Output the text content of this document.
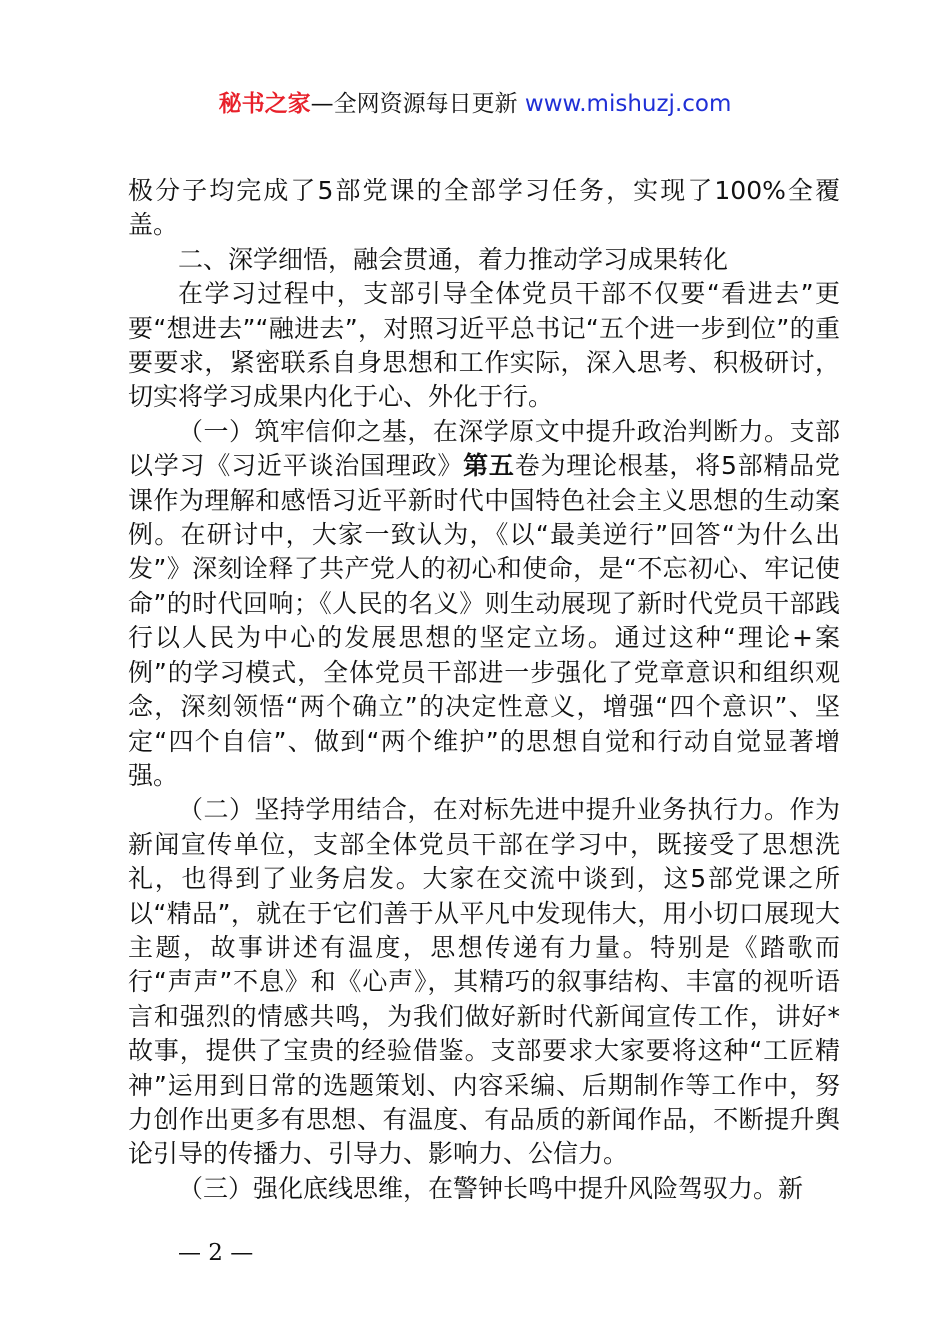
秘书之家—全网资源每日更新 www.mishuzj.com

极分子均完成了5部党课的全部学习任务，实现了100%全覆盖。

二、深学细悟，融会贯通，着力推动学习成果转化

在学习过程中，支部引导全体党员干部不仅要“看进去”更要“想进去”“融进去”，对照习近平总书记“五个进一步到位”的重要要求，紧密联系自身思想和工作实际，深入思考、积极研讨，切实将学习成果内化于心、外化于行。

（一）筑牢信仰之基，在深学原文中提升政治判断力。支部以学习《习近平谈治国理政》第五卷为理论根基，将5部精品党课作为理解和感悟习近平新时代中国特色社会主义思想的生动案例。在研讨中，大家一致认为，《以“最美逆行”回答“为什么出发”》深刻诠释了共产党人的初心和使命，是“不忘初心、牢记使命”的时代回响；《人民的名义》则生动展现了新时代党员干部践行以人民为中心的发展思想的坚定立场。通过这种“理论+案例”的学习模式，全体党员干部进一步强化了党章意识和组织观念，深刻领悟“两个确立”的决定性意义，增强“四个意识”、坚定“四个自信”、做到“两个维护”的思想自觉和行动自觉显著增强。

（二）坚持学用结合，在对标先进中提升业务执行力。作为新闻宣传单位，支部全体党员干部在学习中，既接受了思想洗礼，也得到了业务启发。大家在交流中谈到，这5部党课之所以“精品”，就在于它们善于从平凡中发现伟大，用小切口展现大主题，故事讲述有温度，思想传递有力量。特别是《踏歌而行“声声”不息》和《心声》，其精巧的叙事结构、丰富的视听语言和强烈的情感共鸣，为我们做好新时代新闻宣传工作，讲好*故事，提供了宝贵的经验借鉴。支部要求大家要将这种“工匠精神”运用到日常的选题策划、内容采编、后期制作等工作中，努力创作出更多有思想、有温度、有品质的新闻作品，不断提升舆论引导的传播力、引导力、影响力、公信力。

（三）强化底线思维，在警钟长鸣中提升风险驾驭力。新

— 2 —
